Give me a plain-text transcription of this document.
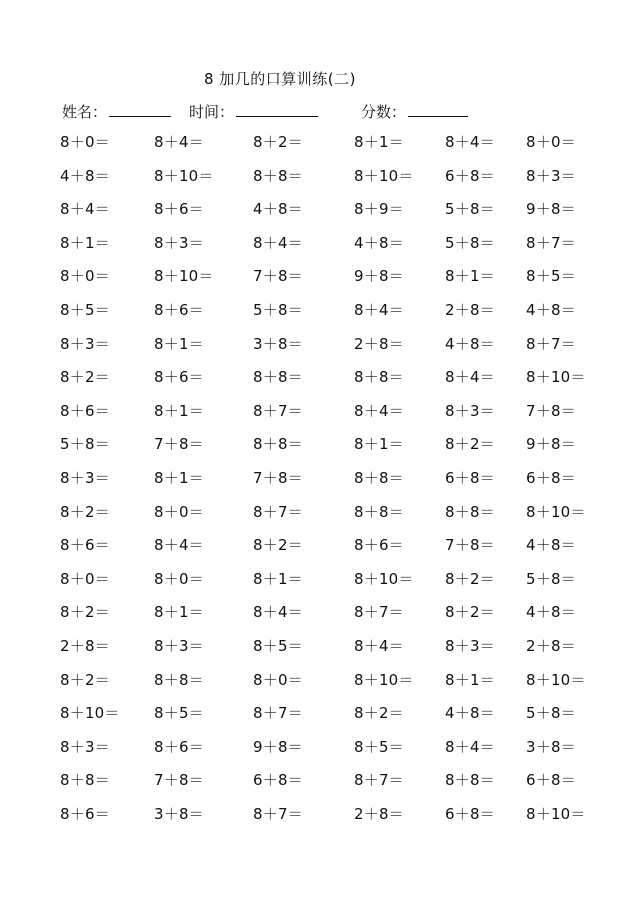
8 加几的口算训练(二)
姓名：	时间：	分数：
8＋0＝	8＋4＝	8＋2＝	8＋1＝	8＋4＝ 8＋0＝
4＋8＝	8＋10＝	8＋8＝	8＋10＝ 6＋8＝ 8＋3＝
8＋4＝	8＋6＝	4＋8＝	8＋9＝	5＋8＝ 9＋8＝
8＋1＝	8＋3＝	8＋4＝	4＋8＝	5＋8＝ 8＋7＝
8＋0＝	8＋10＝	7＋8＝	9＋8＝	8＋1＝ 8＋5＝
8＋5＝	8＋6＝	5＋8＝	8＋4＝	2＋8＝ 4＋8＝
8＋3＝	8＋1＝	3＋8＝	2＋8＝	4＋8＝ 8＋7＝
8＋2＝	8＋6＝	8＋8＝	8＋8＝	8＋4＝ 8＋10＝
8＋6＝	8＋1＝	8＋7＝	8＋4＝	8＋3＝ 7＋8＝
5＋8＝	7＋8＝	8＋8＝	8＋1＝	8＋2＝ 9＋8＝
8＋3＝	8＋1＝	7＋8＝	8＋8＝	6＋8＝ 6＋8＝
8＋2＝	8＋0＝	8＋7＝	8＋8＝	8＋8＝ 8＋10＝
8＋6＝	8＋4＝	8＋2＝	8＋6＝	7＋8＝ 4＋8＝
8＋0＝	8＋0＝	8＋1＝	8＋10＝ 8＋2＝ 5＋8＝
8＋2＝	8＋1＝	8＋4＝	8＋7＝	8＋2＝ 4＋8＝
2＋8＝	8＋3＝	8＋5＝	8＋4＝	8＋3＝ 2＋8＝
8＋2＝	8＋8＝	8＋0＝	8＋10＝ 8＋1＝ 8＋10＝
8＋10＝ 8＋5＝	8＋7＝	8＋2＝	4＋8＝ 5＋8＝
8＋3＝	8＋6＝	9＋8＝	8＋5＝	8＋4＝ 3＋8＝
8＋8＝	7＋8＝	6＋8＝	8＋7＝	8＋8＝ 6＋8＝
8＋6＝	3＋8＝	8＋7＝	2＋8＝	6＋8＝ 8＋10＝
